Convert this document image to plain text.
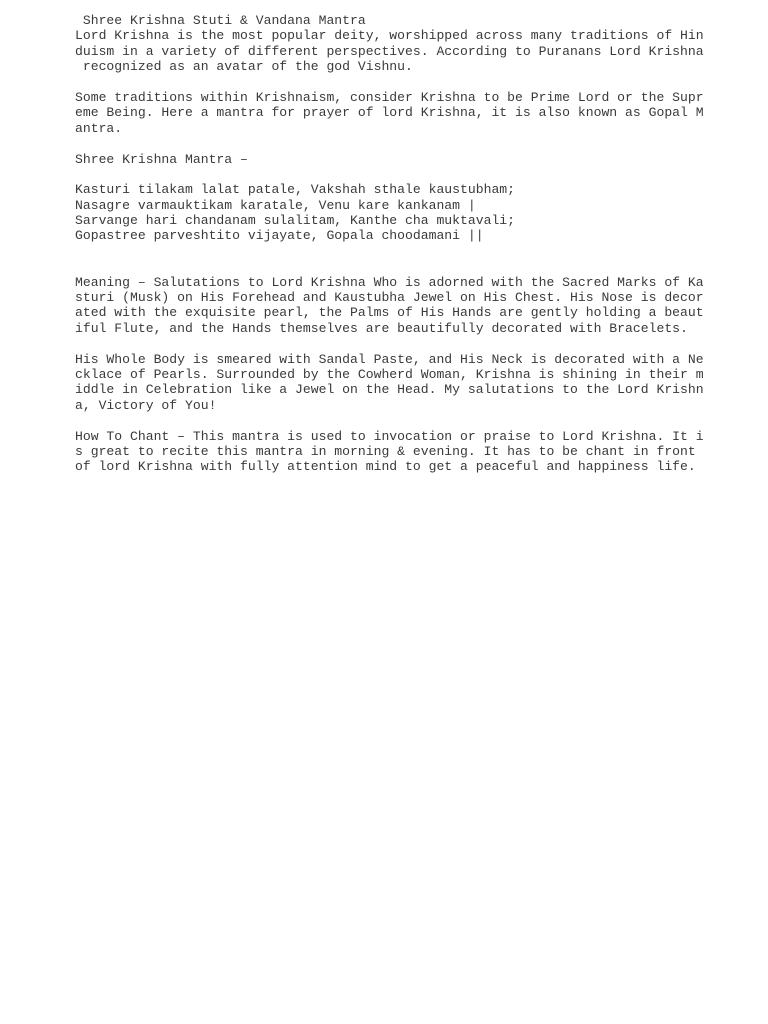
Shree Krishna Stuti & Vandana Mantra
Lord Krishna is the most popular deity, worshipped across many traditions of Hin
duism in a variety of different perspectives. According to Puranans Lord Krishna
recognized as an avatar of the god Vishnu.
Some traditions within Krishnaism, consider Krishna to be Prime Lord or the Supr
eme Being. Here a mantra for prayer of lord Krishna, it is also known as Gopal M
antra.
Shree Krishna Mantra –
Kasturi tilakam lalat patale, Vakshah sthale kaustubham;
Nasagre varmauktikam karatale, Venu kare kankanam |
Sarvange hari chandanam sulalitam, Kanthe cha muktavali;
Gopastree parveshtito vijayate, Gopala choodamani ||
Meaning – Salutations to Lord Krishna Who is adorned with the Sacred Marks of Ka
sturi (Musk) on His Forehead and Kaustubha Jewel on His Chest. His Nose is decor
ated with the exquisite pearl, the Palms of His Hands are gently holding a beaut
iful Flute, and the Hands themselves are beautifully decorated with Bracelets.
His Whole Body is smeared with Sandal Paste, and His Neck is decorated with a Ne
cklace of Pearls. Surrounded by the Cowherd Woman, Krishna is shining in their m
iddle in Celebration like a Jewel on the Head. My salutations to the Lord Krishn
a, Victory of You!
How To Chant – This mantra is used to invocation or praise to Lord Krishna. It i
s great to recite this mantra in morning & evening. It has to be chant in front
of lord Krishna with fully attention mind to get a peaceful and happiness life.
